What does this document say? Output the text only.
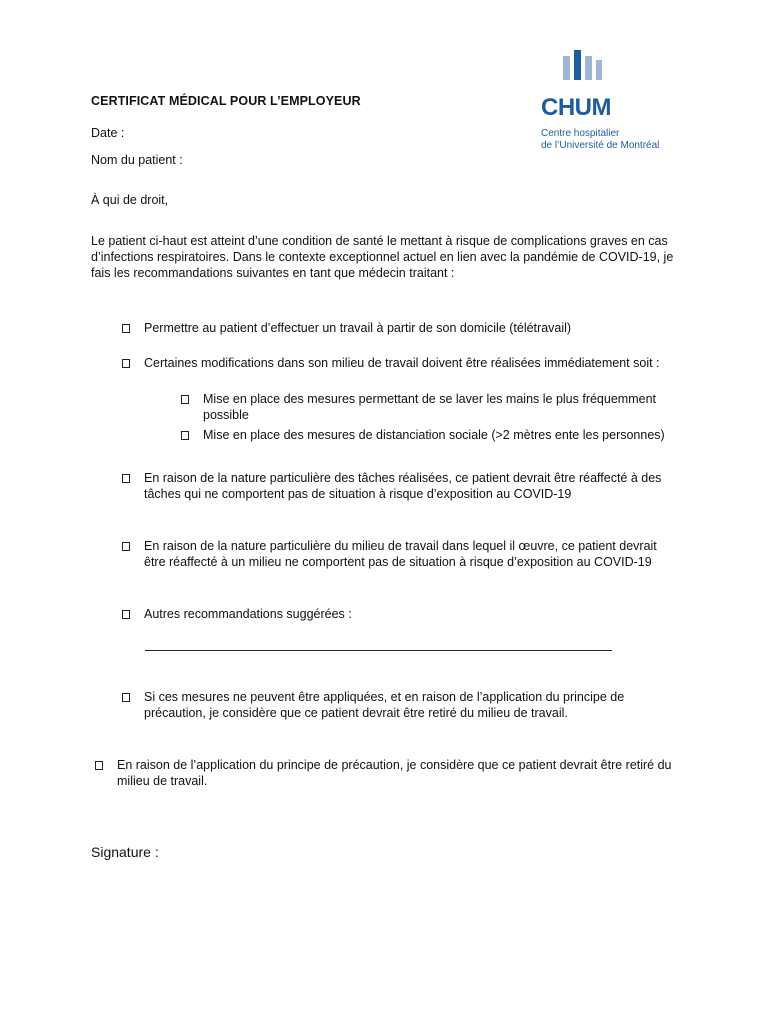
CERTIFICAT MÉDICAL POUR L’EMPLOYEUR	CHUM
Centre hospitalier
de l’Université de Montréal
Date :
Nom du patient :
À qui de droit,
Le patient ci-haut est atteint d’une condition de santé le mettant à risque de complications graves en cas
d’infections respiratoires. Dans le contexte exceptionnel actuel en lien avec la pandémie de COVID-19, je
fais les recommandations suivantes en tant que médecin traitant :
Permettre au patient d’effectuer un travail à partir de son domicile (télétravail)
Certaines modifications dans son milieu de travail doivent être réalisées immédiatement soit :
Mise en place des mesures permettant de se laver les mains le plus fréquemment
possible
Mise en place des mesures de distanciation sociale (>2 mètres ente les personnes)
En raison de la nature particulière des tâches réalisées, ce patient devrait être réaffecté à des
tâches qui ne comportent pas de situation à risque d’exposition au COVID-19
En raison de la nature particulière du milieu de travail dans lequel il œuvre, ce patient devrait
être réaffecté à un milieu ne comportent pas de situation à risque d’exposition au COVID-19
Autres recommandations suggérées :
Si ces mesures ne peuvent être appliquées, et en raison de l’application du principe de
précaution, je considère que ce patient devrait être retiré du milieu de travail.
En raison de l’application du principe de précaution, je considère que ce patient devrait être retiré du
milieu de travail.
Signature :
